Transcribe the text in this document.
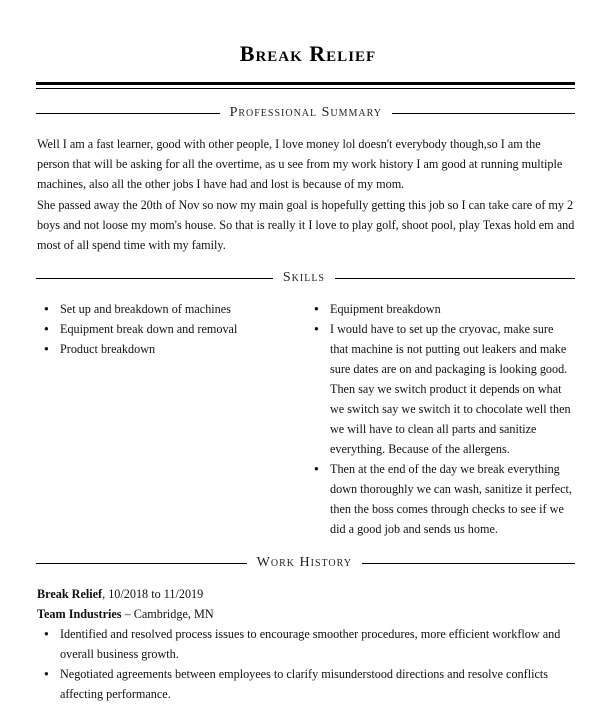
Break Relief
Professional Summary

Well I am a fast learner, good with other people, I love money lol doesn't everybody though,so I am the person that will be asking for all the overtime, as u see from my work history I am good at running multiple machines, also all the other jobs I have had and lost is because of my mom.

She passed away the 20th of Nov so now my main goal is hopefully getting this job so I can take care of my 2 boys and not loose my mom's house. So that is really it I love to play golf, shoot pool, play Texas hold em and most of all spend time with my family.

Skills
● Set up and breakdown of machines
● Equipment break down and removal
● Product breakdown
● Equipment breakdown
● I would have to set up the cryovac, make sure that machine is not putting out leakers and make sure dates are on and packaging is looking good. Then say we switch product it depends on what we switch say we switch it to chocolate well then we will have to clean all parts and sanitize everything. Because of the allergens.
● Then at the end of the day we break everything down thoroughly we can wash, sanitize it perfect, then the boss comes through checks to see if we did a good job and sends us home.
Work History
Break Relief, 10/2018 to 11/2019
Team Industries – Cambridge, MN
● Identified and resolved process issues to encourage smoother procedures, more efficient workflow and overall business growth.
● Negotiated agreements between employees to clarify misunderstood directions and resolve conflicts affecting performance.
